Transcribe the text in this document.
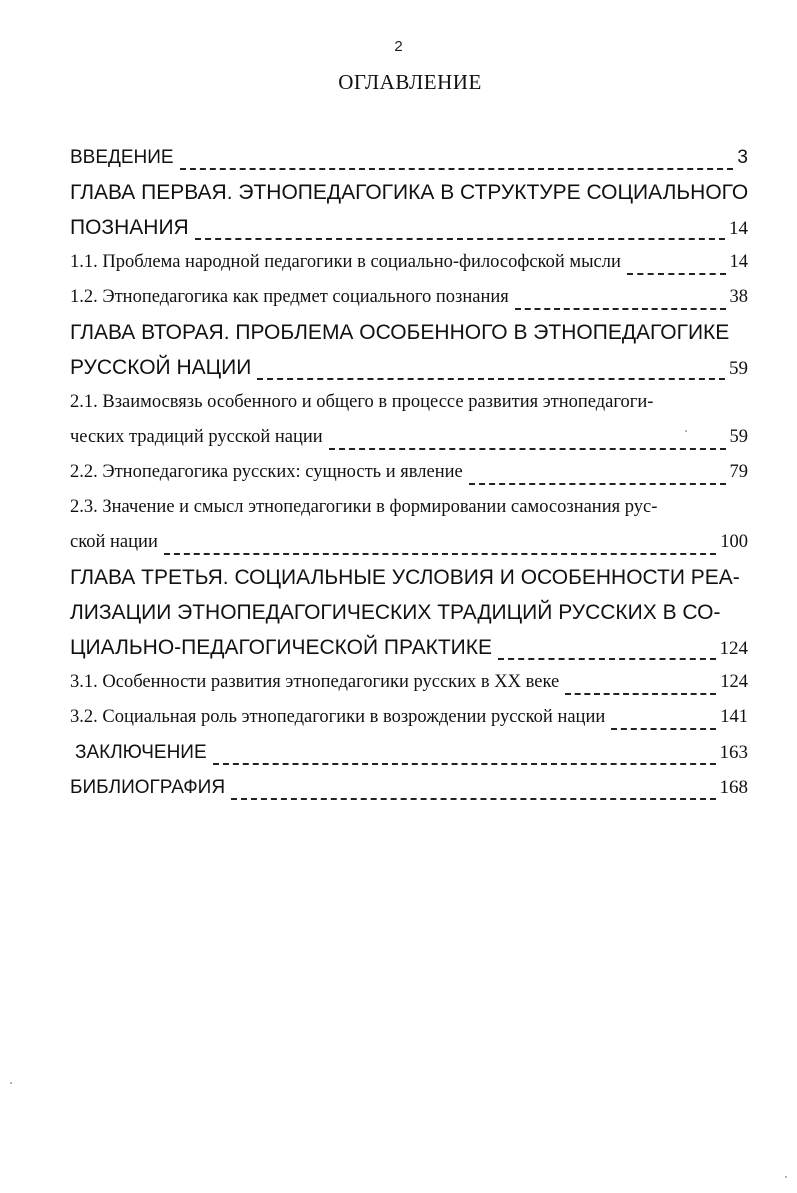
2
ОГЛАВЛЕНИЕ
ВВЕДЕНИЕ	3
ГЛАВА ПЕРВАЯ. ЭТНОПЕДАГОГИКА В СТРУКТУРЕ СОЦИАЛЬНОГО
ПОЗНАНИЯ	14
1.1. Проблема народной педагогики в социально-философской мысли	14
1.2. Этнопедагогика как предмет социального познания	38
ГЛАВА ВТОРАЯ. ПРОБЛЕМА ОСОБЕННОГО В ЭТНОПЕДАГОГИКЕ
РУССКОЙ НАЦИИ	59
2.1. Взаимосвязь особенного и общего в процессе развития этнопедагоги-
ческих традиций русской нации	59
2.2. Этнопедагогика русских: сущность и явление	79
2.3. Значение и смысл этнопедагогики в формировании самосознания рус-
ской нации	100
ГЛАВА ТРЕТЬЯ. СОЦИАЛЬНЫЕ УСЛОВИЯ И ОСОБЕННОСТИ РЕА-
ЛИЗАЦИИ ЭТНОПЕДАГОГИЧЕСКИХ ТРАДИЦИЙ РУССКИХ В СО-
ЦИАЛЬНО-ПЕДАГОГИЧЕСКОЙ ПРАКТИКЕ	124
3.1. Особенности развития этнопедагогики русских в XX веке	124
3.2. Социальная роль этнопедагогики в возрождении русской нации	141
ЗАКЛЮЧЕНИЕ	163
БИБЛИОГРАФИЯ	168
